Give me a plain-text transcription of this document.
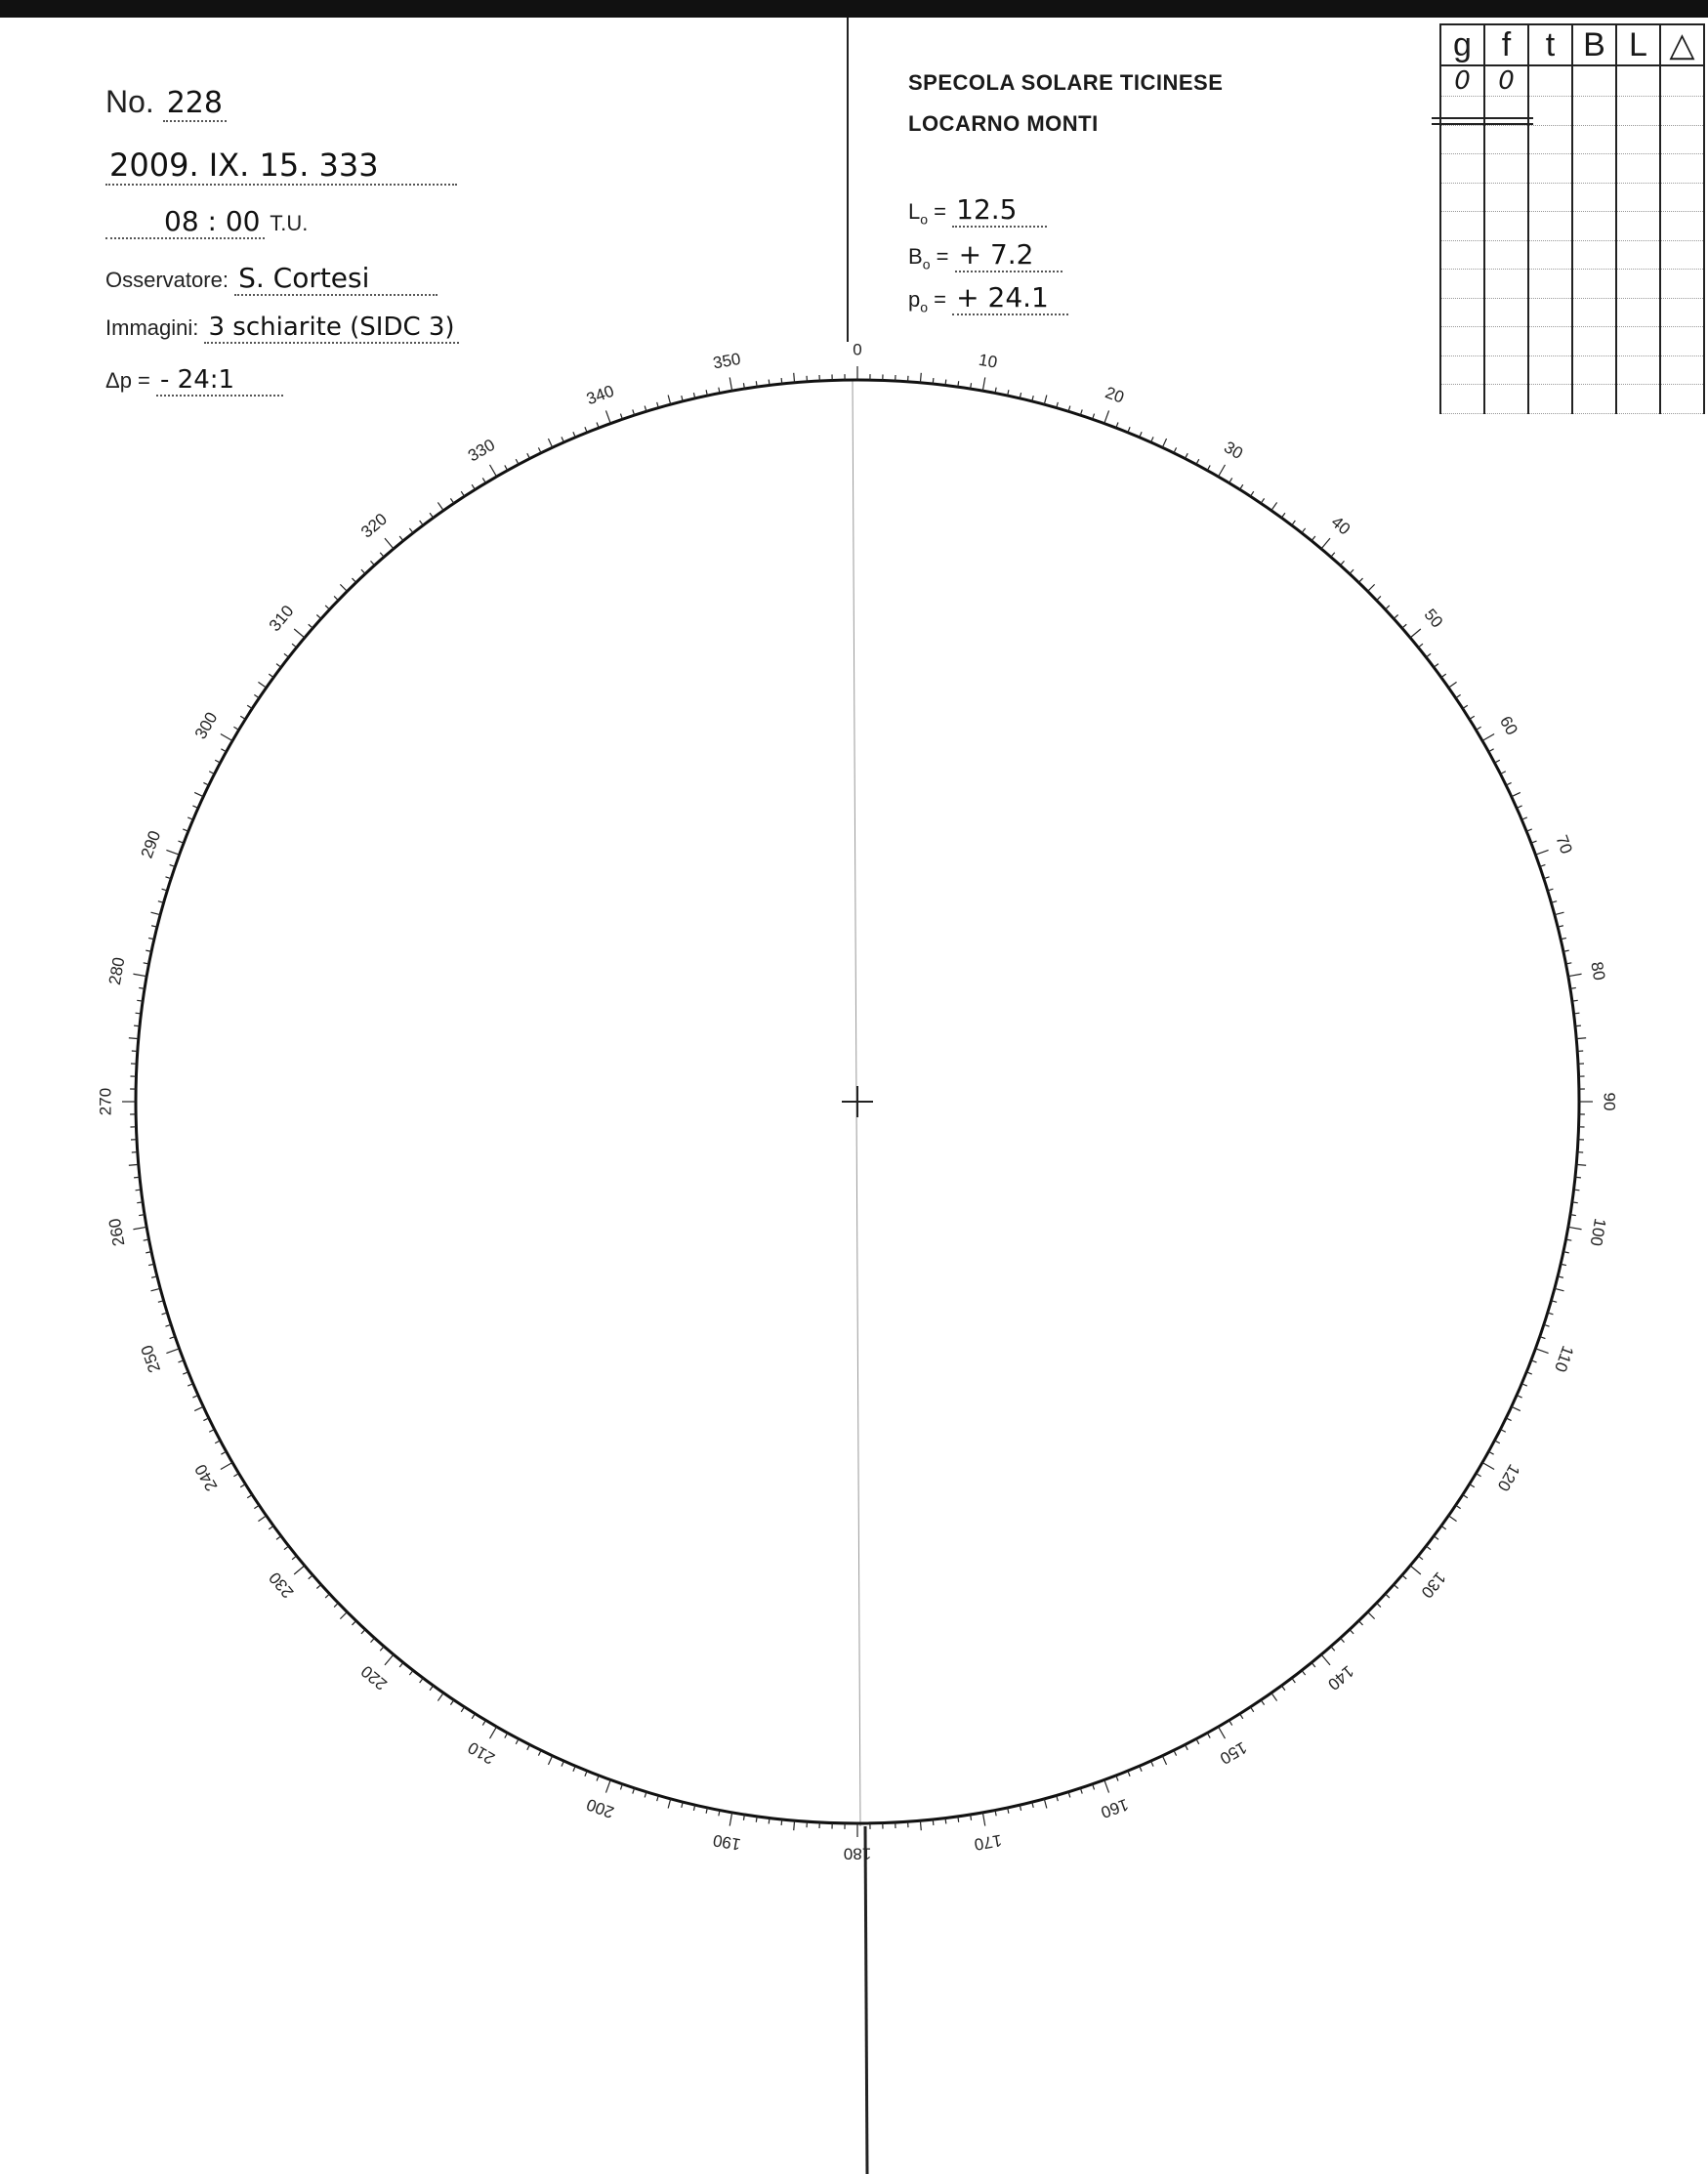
No. 228
2009. IX. 15. 333
08 : 00 T.U.
Osservatore: S. Cortesi
Immagini: 3 schiarite (SIDC 3)
Δp = - 24:1
SPECOLA SOLARE TICINESE
LOCARNO MONTI
$L_o = 12.5$
$B_o$ = + 7.2
$p_o$ = + 24.1
g	f	t	B	L	△
0	0				

0
10
20
30
40
50
60
70
80
90
100
110
120
130
140
150
160
170
180
190
200
210
220
230
240
250
260
270
280
290
300
310
320
330
340
350
